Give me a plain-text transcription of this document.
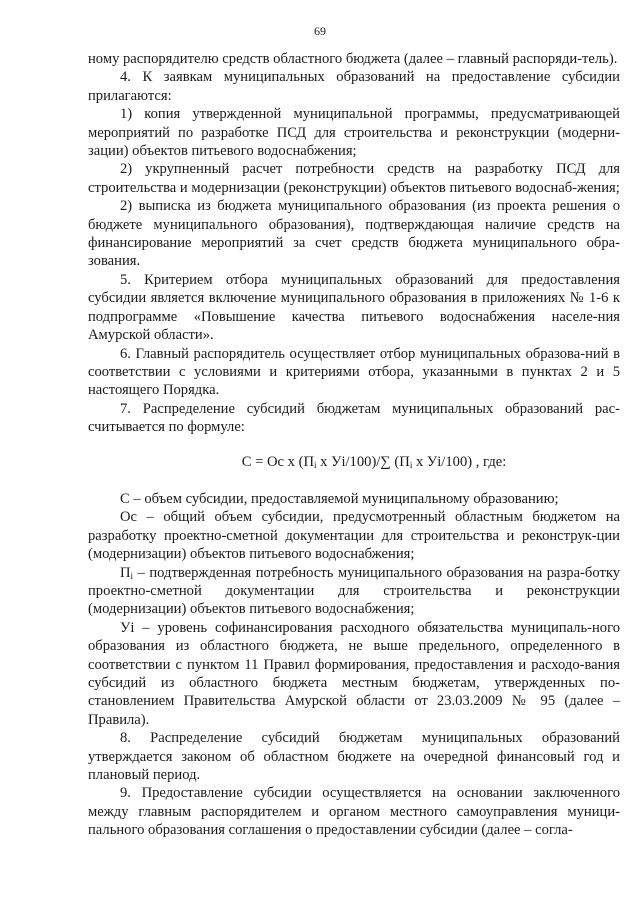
69

ному распорядителю средств областного бюджета (далее – главный распоряди-тель).

4. К заявкам муниципальных образований на предоставление субсидии прилагаются:

1) копия утвержденной муниципальной программы, предусматривающей мероприятий по разработке ПСД для строительства и реконструкции (модерни-зации) объектов питьевого водоснабжения;

2) укрупненный расчет потребности средств на разработку ПСД для строительства и модернизации (реконструкции) объектов питьевого водоснаб-жения;

2) выписка из бюджета муниципального образования (из проекта решения о бюджете муниципального образования), подтверждающая наличие средств на финансирование мероприятий за счет средств бюджета муниципального обра-зования.

5. Критерием отбора муниципальных образований для предоставления субсидии является включение муниципального образования в приложениях № 1-6 к подпрограмме «Повышение качества питьевого водоснабжения населе-ния Амурской области».

6. Главный распорядитель осуществляет отбор муниципальных образова-ний в соответствии с условиями и критериями отбора, указанными в пунктах 2 и 5 настоящего Порядка.

7. Распределение субсидий бюджетам муниципальных образований рас-считывается по формуле:

C = Oc x ($П_i$ x Уi/100)/∑ ($П_i$ x Уi/100) , где:

С – объем субсидии, предоставляемой муниципальному образованию;

Ос – общий объем субсидии, предусмотренный областным бюджетом на разработку проектно-сметной документации для строительства и реконструк-ции (модернизации) объектов питьевого водоснабжения;

$П_i$ – подтвержденная потребность муниципального образования на разра-ботку проектно-сметной документации для строительства и реконструкции (модернизации) объектов питьевого водоснабжения;

Уi – уровень софинансирования расходного обязательства муниципаль-ного образования из областного бюджета, не выше предельного, определенного в соответствии с пунктом 11 Правил формирования, предоставления и расходо-вания субсидий из областного бюджета местным бюджетам, утвержденных по-становлением Правительства Амурской области от 23.03.2009 № 95 (далее – Правила).

8. Распределение субсидий бюджетам муниципальных образований утверждается законом об областном бюджете на очередной финансовый год и плановый период.

9. Предоставление субсидии осуществляется на основании заключенного между главным распорядителем и органом местного самоуправления муници-пального образования соглашения о предоставлении субсидии (далее – согла-
